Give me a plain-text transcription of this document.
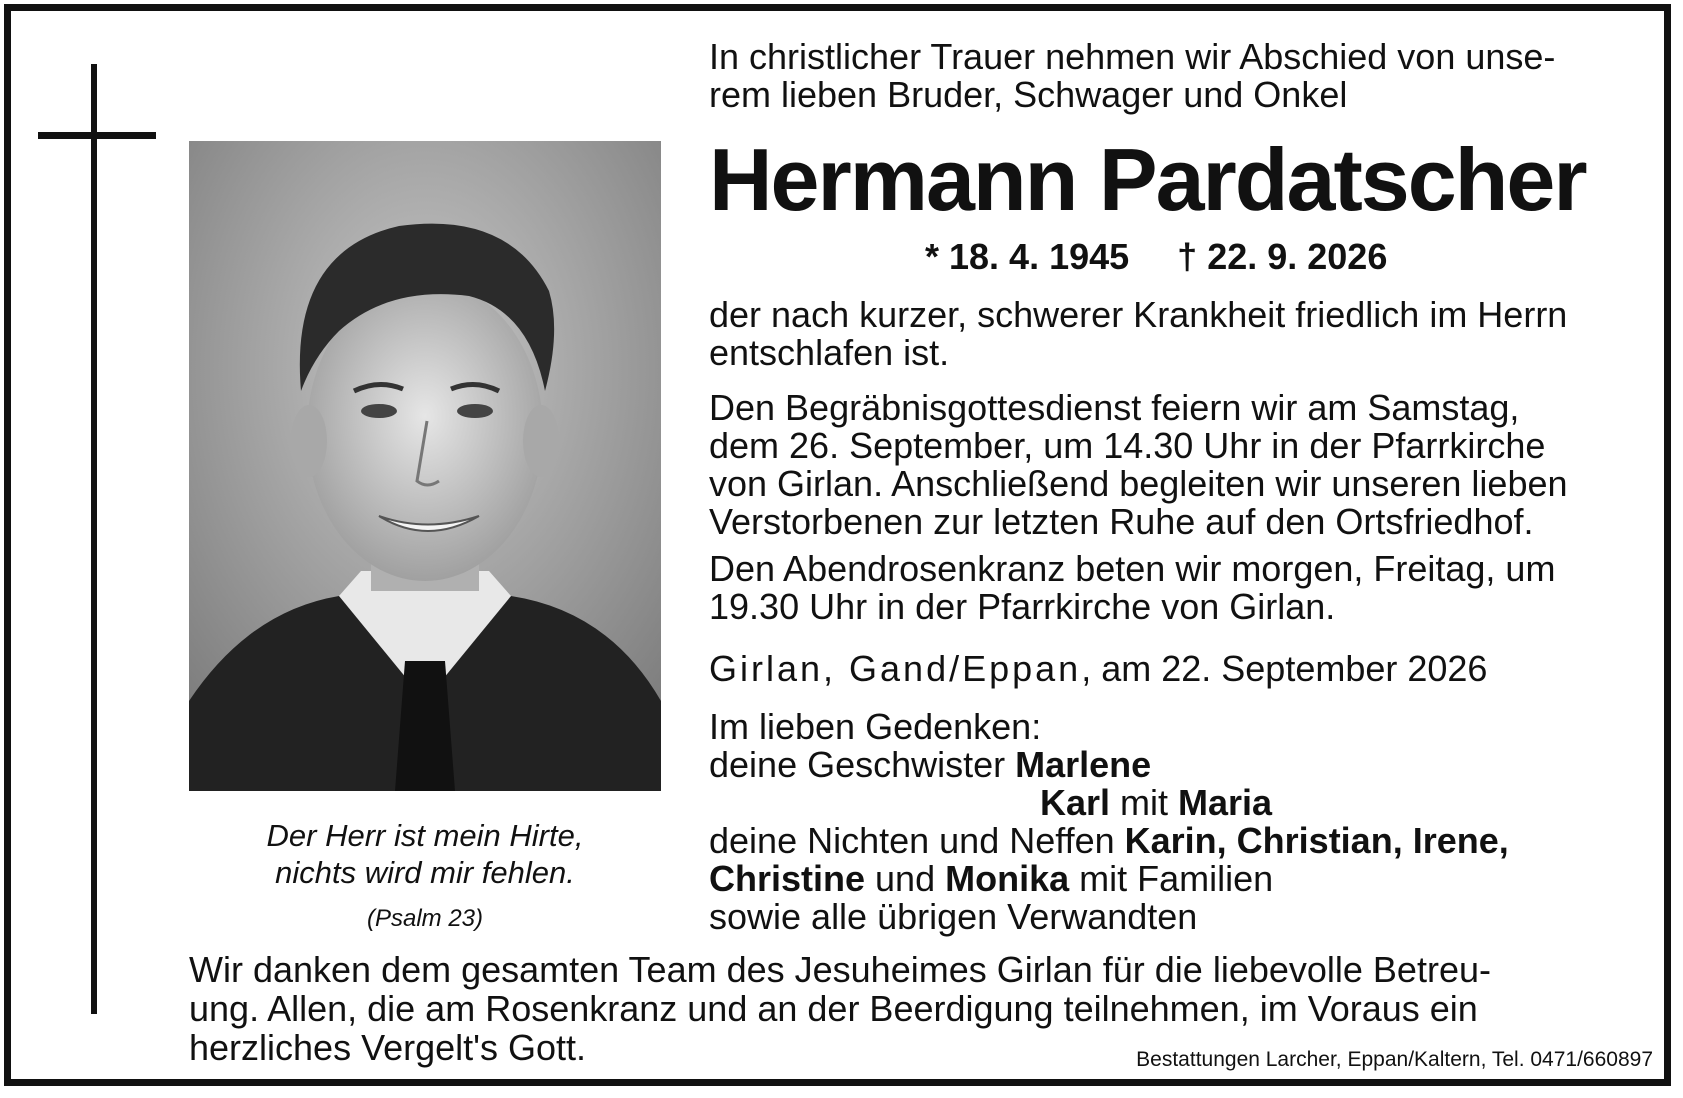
Der Herr ist mein Hirte,
nichts wird mir fehlen.
(Psalm 23)
In christlicher Trauer nehmen wir Abschied von unse-
rem lieben Bruder, Schwager und Onkel
Hermann Pardatscher
* 18. 4. 1945 † 22. 9. 2026
der nach kurzer, schwerer Krankheit friedlich im Herrn
entschlafen ist.
Den Begräbnisgottesdienst feiern wir am Samstag,
dem 26. September, um 14.30 Uhr in der Pfarrkirche
von Girlan. Anschließend begleiten wir unseren lieben
Verstorbenen zur letzten Ruhe auf den Ortsfriedhof.
Den Abendrosenkranz beten wir morgen, Freitag, um
19.30 Uhr in der Pfarrkirche von Girlan.
Girlan, Gand/Eppan, am 22. September 2026
Im lieben Gedenken:
deine Geschwister Marlene
Karl mit Maria
deine Nichten und Neffen Karin, Christian, Irene,
Christine und Monika mit Familien
sowie alle übrigen Verwandten
Wir danken dem gesamten Team des Jesuheimes Girlan für die liebevolle Betreu-
ung. Allen, die am Rosenkranz und an der Beerdigung teilnehmen, im Voraus ein
herzliches Vergelt's Gott.	Bestattungen Larcher, Eppan/Kaltern, Tel. 0471/660897
